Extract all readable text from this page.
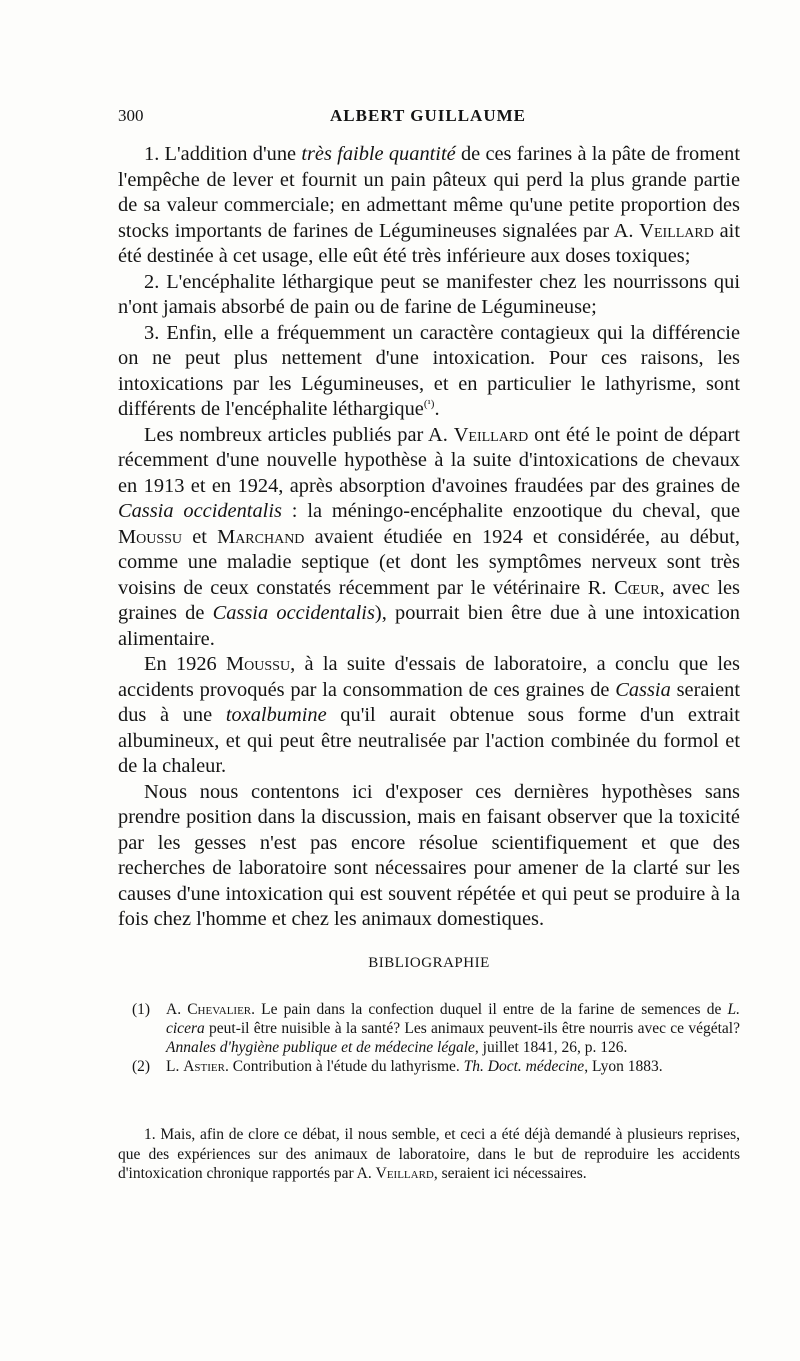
300	ALBERT GUILLAUME

1. L'addition d'une très faible quantité de ces farines à la pâte de froment l'empêche de lever et fournit un pain pâteux qui perd la plus grande partie de sa valeur commerciale; en admettant même qu'une petite proportion des stocks importants de farines de Légumineuses signalées par A. Veillard ait été destinée à cet usage, elle eût été très inférieure aux doses toxiques;

2. L'encéphalite léthargique peut se manifester chez les nourrissons qui n'ont jamais absorbé de pain ou de farine de Légumineuse;

3. Enfin, elle a fréquemment un caractère contagieux qui la différencie on ne peut plus nettement d'une intoxication. Pour ces raisons, les intoxications par les Légumineuses, et en particulier le lathyrisme, sont différents de l'encéphalite léthargique$^{(^1)}$.

Les nombreux articles publiés par A. Veillard ont été le point de départ récemment d'une nouvelle hypothèse à la suite d'intoxications de chevaux en 1913 et en 1924, après absorption d'avoines fraudées par des graines de Cassia occidentalis : la méningo-encéphalite enzootique du cheval, que Moussu et Marchand avaient étudiée en 1924 et considérée, au début, comme une maladie septique (et dont les symptômes nerveux sont très voisins de ceux constatés récemment par le vétérinaire R. Cœur, avec les graines de Cassia occidentalis), pourrait bien être due à une intoxication alimentaire.

En 1926 Moussu, à la suite d'essais de laboratoire, a conclu que les accidents provoqués par la consommation de ces graines de Cassia seraient dus à une toxalbumine qu'il aurait obtenue sous forme d'un extrait albumineux, et qui peut être neutralisée par l'action combinée du formol et de la chaleur.

Nous nous contentons ici d'exposer ces dernières hypothèses sans prendre position dans la discussion, mais en faisant observer que la toxicité par les gesses n'est pas encore résolue scientifiquement et que des recherches de laboratoire sont nécessaires pour amener de la clarté sur les causes d'une intoxication qui est souvent répétée et qui peut se produire à la fois chez l'homme et chez les animaux domestiques.

BIBLIOGRAPHIE

(1) A. Chevalier. Le pain dans la confection duquel il entre de la farine de semences de L. cicera peut-il être nuisible à la santé? Les animaux peuvent-ils être nourris avec ce végétal? Annales d'hygiène publique et de médecine légale, juillet 1841, 26, p. 126.

(2) L. Astier. Contribution à l'étude du lathyrisme. Th. Doct. médecine, Lyon 1883.

1. Mais, afin de clore ce débat, il nous semble, et ceci a été déjà demandé à plusieurs reprises, que des expériences sur des animaux de laboratoire, dans le but de reproduire les accidents d'intoxication chronique rapportés par A. Veillard, seraient ici nécessaires.
